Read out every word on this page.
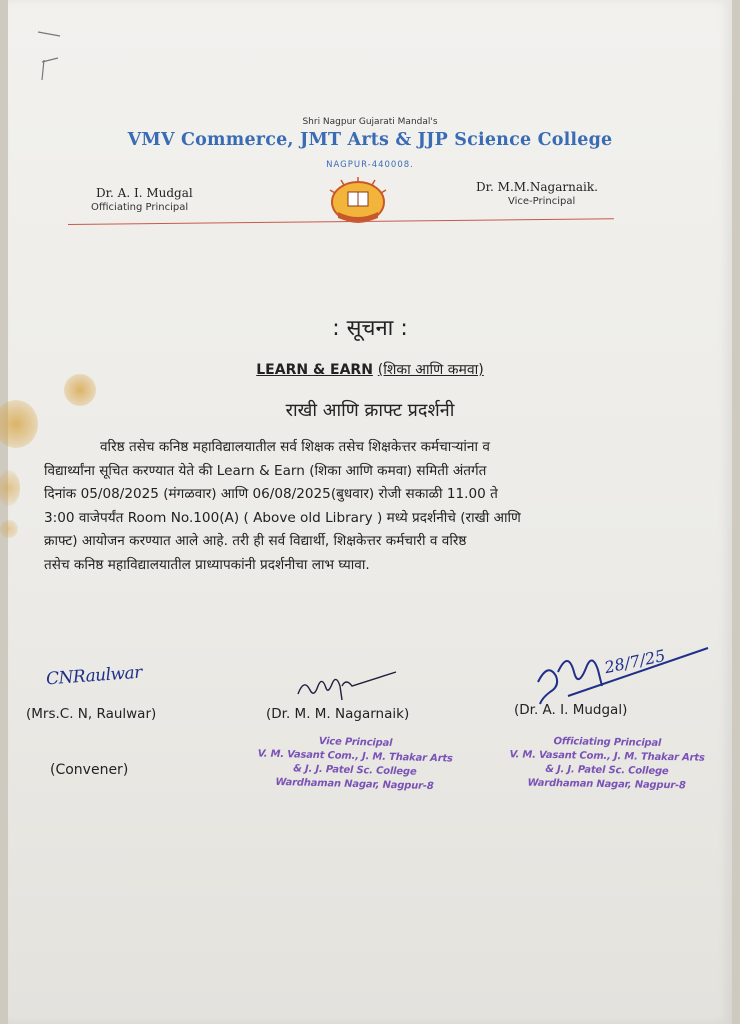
Shri Nagpur Gujarati Mandal's
VMV Commerce, JMT Arts & JJP Science College
NAGPUR-440008.
Dr. A. I. Mudgal
Officiating Principal
Dr. M.M.Nagarnaik.
Vice-Principal
: सूचना :
LEARN & EARN (शिका आणि कमवा)
राखी आणि क्राफ्ट प्रदर्शनी
वरिष्ठ तसेच कनिष्ठ महाविद्यालयातील सर्व शिक्षक तसेच शिक्षकेत्तर कर्मचाऱ्यांना व
विद्यार्थ्यांना सूचित करण्यात येते की Learn & Earn (शिका आणि कमवा) समिती अंतर्गत
दिनांक 05/08/2025 (मंगळवार) आणि 06/08/2025(बुधवार) रोजी सकाळी 11.00 ते
3:00 वाजेपर्यंत Room No.100(A) ( Above old Library ) मध्ये प्रदर्शनीचे (राखी आणि
क्राफ्ट) आयोजन करण्यात आले आहे. तरी ही सर्व विद्यार्थी, शिक्षकेत्तर कर्मचारी व वरिष्ठ
तसेच कनिष्ठ महाविद्यालयातील प्राध्यापकांनी प्रदर्शनीचा लाभ घ्यावा.
CNRaulwar
(Mrs.C. N, Raulwar)
(Convener)
(Dr. M. M. Nagarnaik)
28/7/25
(Dr. A. I. Mudgal)
Vice Principal
V. M. Vasant Com., J. M. Thakar Arts
& J. J. Patel Sc. College
Wardhaman Nagar, Nagpur-8
Officiating Principal
V. M. Vasant Com., J. M. Thakar Arts
& J. J. Patel Sc. College
Wardhaman Nagar, Nagpur-8
